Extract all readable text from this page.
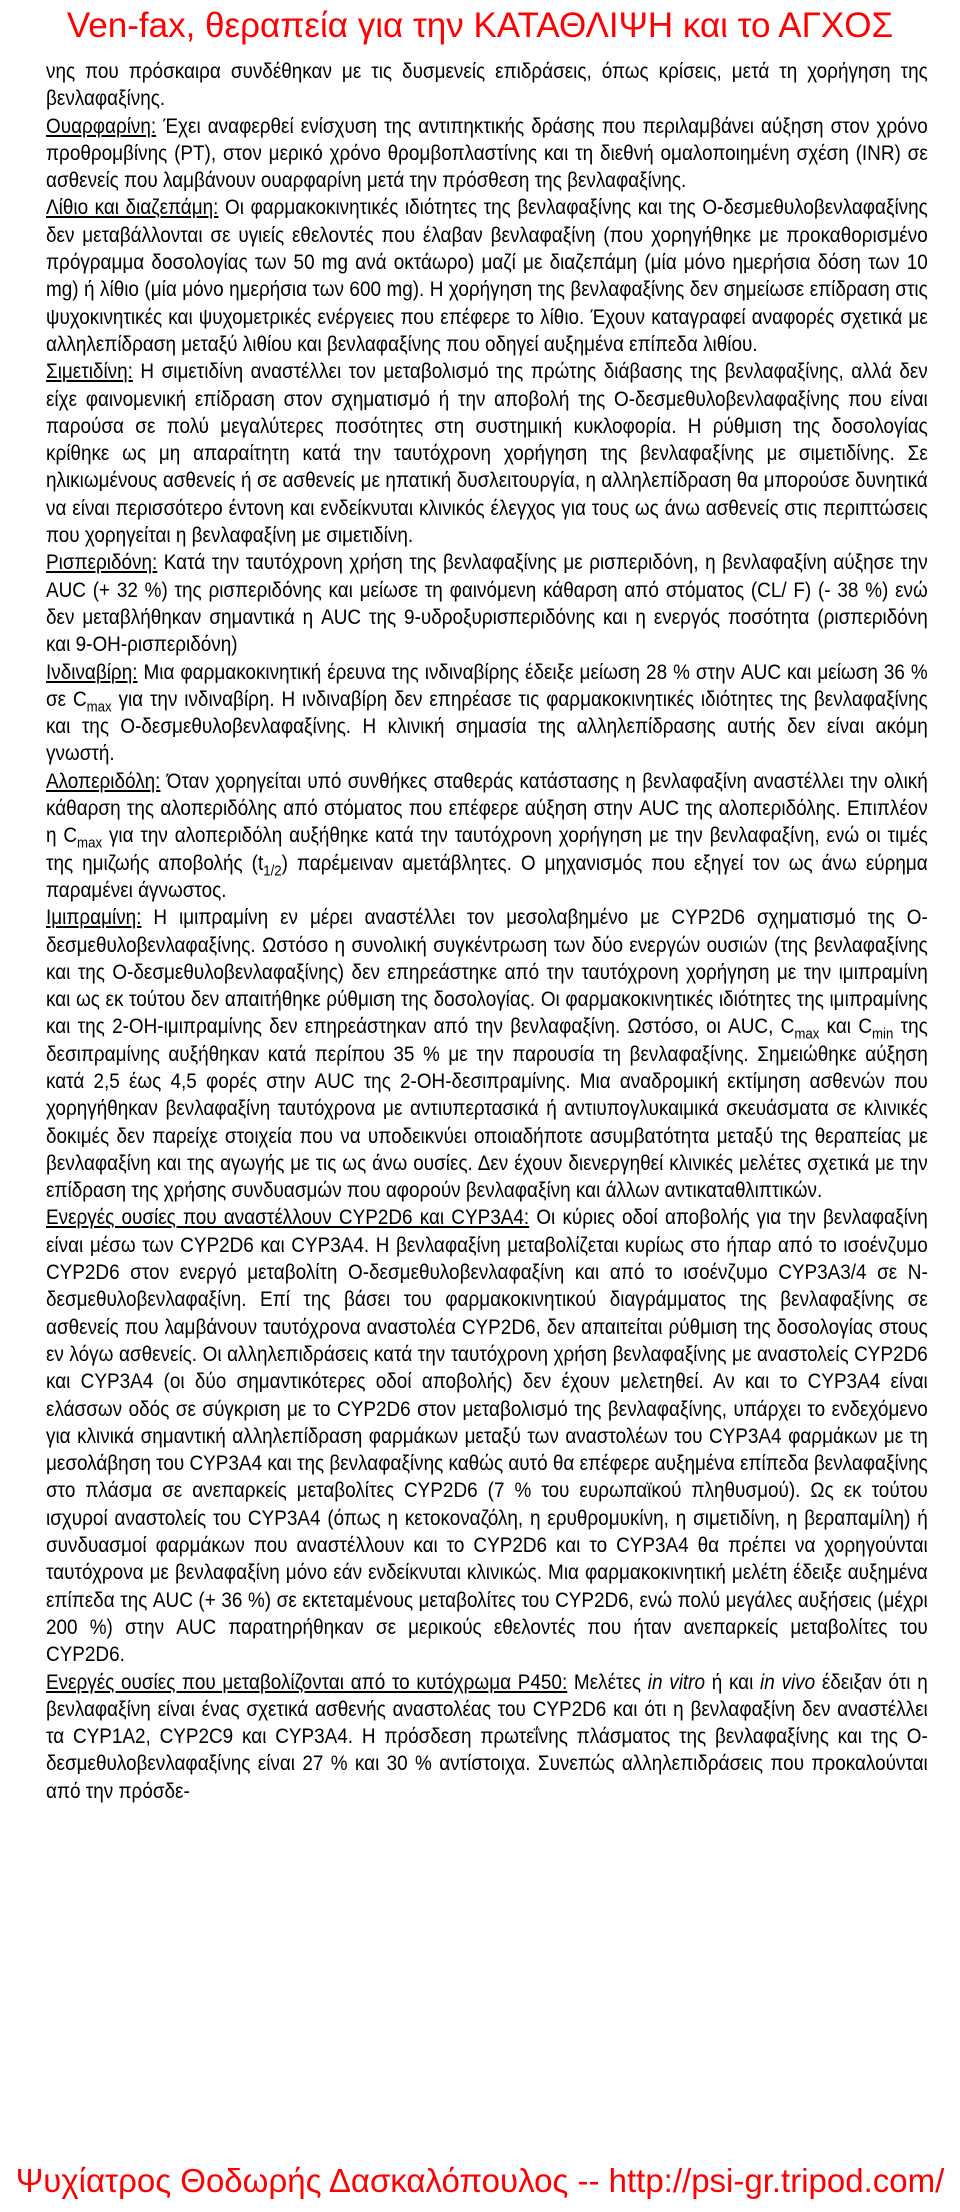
Ven-fax, θεραπεία για την ΚΑΤΑΘΛΙΨΗ και το ΑΓΧΟΣ

νης που πρόσκαιρα συνδέθηκαν με τις δυσμενείς επιδράσεις, όπως κρίσεις, μετά τη χορήγηση της βενλαφαξίνης.

Ουαρφαρίνη: Έχει αναφερθεί ενίσχυση της αντιπηκτικής δράσης που περιλαμβάνει αύξηση στον χρόνο προθρομβίνης (PT), στον μερικό χρόνο θρομβοπλαστίνης και τη διεθνή ομαλοποιημένη σχέση (INR) σε ασθενείς που λαμβάνουν ουαρφαρίνη μετά την πρόσθεση της βενλαφαξίνης.

Λίθιο και διαζεπάμη: Οι φαρμακοκινητικές ιδιότητες της βενλαφαξίνης και της Ο-δεσμεθυλοβενλαφαξίνης δεν μεταβάλλονται σε υγιείς εθελοντές που έλαβαν βενλαφαξίνη (που χορηγήθηκε με προκαθορισμένο πρόγραμμα δοσολογίας των 50 mg ανά οκτάωρο) μαζί με διαζεπάμη (μία μόνο ημερήσια δόση των 10 mg) ή λίθιο (μία μόνο ημερήσια των 600 mg). Η χορήγηση της βενλαφαξίνης δεν σημείωσε επίδραση στις ψυχοκινητικές και ψυχομετρικές ενέργειες που επέφερε το λίθιο. Έχουν καταγραφεί αναφορές σχετικά με αλληλεπίδραση μεταξύ λιθίου και βενλαφαξίνης που οδηγεί αυξημένα επίπεδα λιθίου.

Σιμετιδίνη: Η σιμετιδίνη αναστέλλει τον μεταβολισμό της πρώτης διάβασης της βενλαφαξίνης, αλλά δεν είχε φαινομενική επίδραση στον σχηματισμό ή την αποβολή της Ο-δεσμεθυλοβενλαφαξίνης που είναι παρούσα σε πολύ μεγαλύτερες ποσότητες στη συστημική κυκλοφορία. Η ρύθμιση της δοσολογίας κρίθηκε ως μη απαραίτητη κατά την ταυτόχρονη χορήγηση της βενλαφαξίνης με σιμετιδίνης. Σε ηλικιωμένους ασθενείς ή σε ασθενείς με ηπατική δυσλειτουργία, η αλληλεπίδραση θα μπορούσε δυνητικά να είναι περισσότερο έντονη και ενδείκνυται κλινικός έλεγχος για τους ως άνω ασθενείς στις περιπτώσεις που χορηγείται η βενλαφαξίνη με σιμετιδίνη.

Ρισπεριδόνη: Κατά την ταυτόχρονη χρήση της βενλαφαξίνης με ρισπεριδόνη, η βενλαφαξίνη αύξησε την AUC (+ 32 %) της ρισπεριδόνης και μείωσε τη φαινόμενη κάθαρση από στόματος (CL/ F) (- 38 %) ενώ δεν μεταβλήθηκαν σημαντικά η AUC της 9-υδροξυρισπεριδόνης και η ενεργός ποσότητα (ρισπεριδόνη και 9-ΟΗ-ρισπεριδόνη)

Ινδιναβίρη: Μια φαρμακοκινητική έρευνα της ινδιναβίρης έδειξε μείωση 28 % στην AUC και μείωση 36 % σε $C_{max}$ για την ινδιναβίρη. Η ινδιναβίρη δεν επηρέασε τις φαρμακοκινητικές ιδιότητες της βενλαφαξίνης και της Ο-δεσμεθυλοβενλαφαξίνης. Η κλινική σημασία της αλληλεπίδρασης αυτής δεν είναι ακόμη γνωστή.

Αλοπεριδόλη: Όταν χορηγείται υπό συνθήκες σταθεράς κατάστασης η βενλαφαξίνη αναστέλλει την ολική κάθαρση της αλοπεριδόλης από στόματος που επέφερε αύξηση στην AUC της αλοπεριδόλης. Επιπλέον η $C_{max}$ για την αλοπεριδόλη αυξήθηκε κατά την ταυτόχρονη χορήγηση με την βενλαφαξίνη, ενώ οι τιμές της ημιζωής αποβολής $(t_{1/2})$ παρέμειναν αμετάβλητες. Ο μηχανισμός που εξηγεί τον ως άνω εύρημα παραμένει άγνωστος.

Ιμιπραμίνη: Η ιμιπραμίνη εν μέρει αναστέλλει τον μεσολαβημένο με CYP2D6 σχηματισμό της Ο-δεσμεθυλοβενλαφαξίνης. Ωστόσο η συνολική συγκέντρωση των δύο ενεργών ουσιών (της βενλαφαξίνης και της Ο-δεσμεθυλοβενλαφαξίνης) δεν επηρεάστηκε από την ταυτόχρονη χορήγηση με την ιμιπραμίνη και ως εκ τούτου δεν απαιτήθηκε ρύθμιση της δοσολογίας. Οι φαρμακοκινητικές ιδιότητες της ιμιπραμίνης και της 2-ΟΗ-ιμιπραμίνης δεν επηρεάστηκαν από την βενλαφαξίνη. Ωστόσο, οι AUC, $C_{max}$ και $C_{min}$ της δεσιπραμίνης αυξήθηκαν κατά περίπου 35 % με την παρουσία τη βενλαφαξίνης. Σημειώθηκε αύξηση κατά 2,5 έως 4,5 φορές στην AUC της 2-ΟΗ-δεσιπραμίνης. Μια αναδρομική εκτίμηση ασθενών που χορηγήθηκαν βενλαφαξίνη ταυτόχρονα με αντιυπερτασικά ή αντιυπογλυκαιμικά σκευάσματα σε κλινικές δοκιμές δεν παρείχε στοιχεία που να υποδεικνύει οποιαδήποτε ασυμβατότητα μεταξύ της θεραπείας με βενλαφαξίνη και της αγωγής με τις ως άνω ουσίες. Δεν έχουν διενεργηθεί κλινικές μελέτες σχετικά με την επίδραση της χρήσης συνδυασμών που αφορούν βενλαφαξίνη και άλλων αντικαταθλιπτικών.

Ενεργές ουσίες που αναστέλλουν CYP2D6 και CYP3A4: Οι κύριες οδοί αποβολής για την βενλαφαξίνη είναι μέσω των CYP2D6 και CYP3A4. Η βενλαφαξίνη μεταβολίζεται κυρίως στο ήπαρ από το ισοένζυμο CYP2D6 στον ενεργό μεταβολίτη Ο-δεσμεθυλοβενλαφαξίνη και από το ισοένζυμο CYP3A3/4 σε Ν- δεσμεθυλοβενλαφαξίνη. Επί της βάσει του φαρμακοκινητικού διαγράμματος της βενλαφαξίνης σε ασθενείς που λαμβάνουν ταυτόχρονα αναστολέα CYP2D6, δεν απαιτείται ρύθμιση της δοσολογίας στους εν λόγω ασθενείς. Οι αλληλεπιδράσεις κατά την ταυτόχρονη χρήση βενλαφαξίνης με αναστολείς CYP2D6 και CYP3A4 (οι δύο σημαντικότερες οδοί αποβολής) δεν έχουν μελετηθεί. Αν και το CYP3A4 είναι ελάσσων οδός σε σύγκριση με το CYP2D6 στον μεταβολισμό της βενλαφαξίνης, υπάρχει το ενδεχόμενο για κλινικά σημαντική αλληλεπίδραση φαρμάκων μεταξύ των αναστολέων του CYP3A4 φαρμάκων με τη μεσολάβηση του CYP3A4 και της βενλαφαξίνης καθώς αυτό θα επέφερε αυξημένα επίπεδα βενλαφαξίνης στο πλάσμα σε ανεπαρκείς μεταβολίτες CYP2D6 (7 % του ευρωπαϊκού πληθυσμού). Ως εκ τούτου ισχυροί αναστολείς του CYP3A4 (όπως η κετοκοναζόλη, η ερυθρομυκίνη, η σιμετιδίνη, η βεραπαμίλη) ή συνδυασμοί φαρμάκων που αναστέλλουν και το CYP2D6 και το CYP3A4 θα πρέπει να χορηγούνται ταυτόχρονα με βενλαφαξίνη μόνο εάν ενδείκνυται κλινικώς. Μια φαρμακοκινητική μελέτη έδειξε αυξημένα επίπεδα της AUC (+ 36 %) σε εκτεταμένους μεταβολίτες του CYP2D6, ενώ πολύ μεγάλες αυξήσεις (μέχρι 200 %) στην AUC παρατηρήθηκαν σε μερικούς εθελοντές που ήταν ανεπαρκείς μεταβολίτες του CYP2D6.

Ενεργές ουσίες που μεταβολίζονται από το κυτόχρωμα P450: Μελέτες in vitro ή και in vivo έδειξαν ότι η βενλαφαξίνη είναι ένας σχετικά ασθενής αναστολέας του CYP2D6 και ότι η βενλαφαξίνη δεν αναστέλλει τα CYP1A2, CYP2C9 και CYP3A4. Η πρόσδεση πρωτεΐνης πλάσματος της βενλαφαξίνης και της Ο-δεσμεθυλοβενλαφαξίνης είναι 27 % και 30 % αντίστοιχα. Συνεπώς αλληλεπιδράσεις που προκαλούνται από την πρόσδε-

Ψυχίατρος Θοδωρής Δασκαλόπουλος -- http://psi-gr.tripod.com/
